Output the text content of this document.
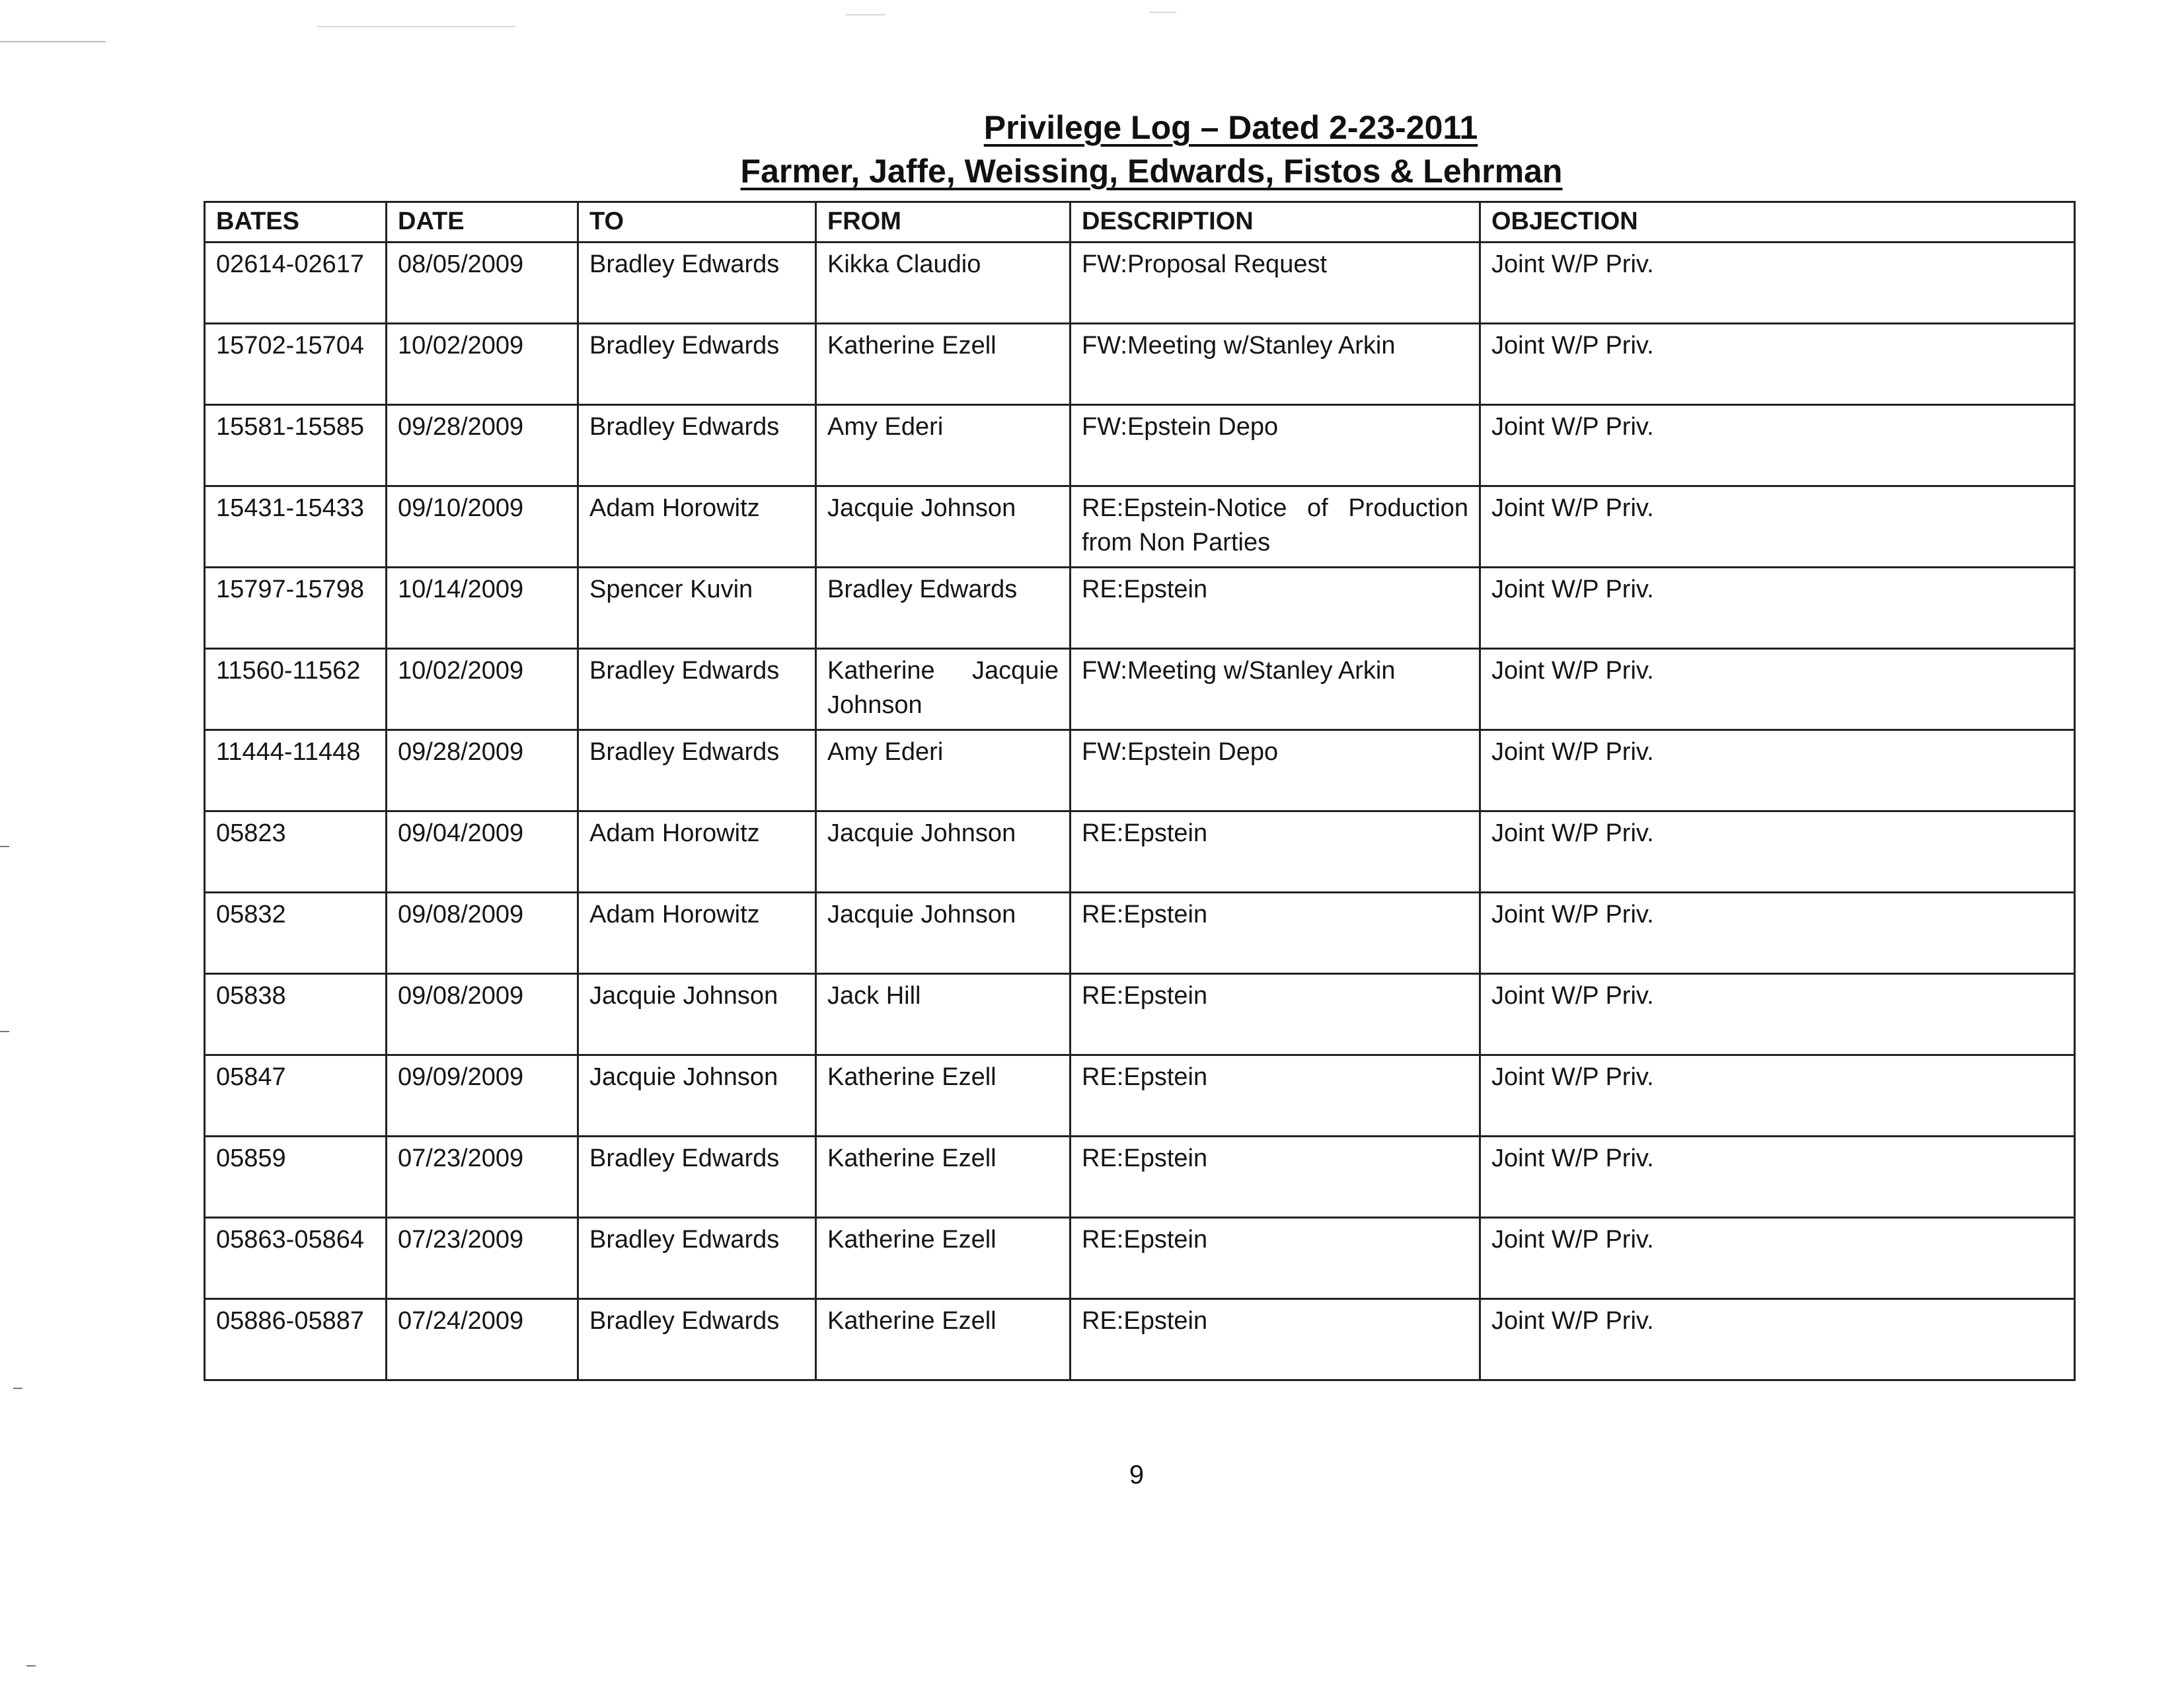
Privilege Log – Dated 2-23-2011
Farmer, Jaffe, Weissing, Edwards, Fistos & Lehrman
BATES	DATE	TO	FROM	DESCRIPTION	OBJECTION
02614-02617	08/05/2009	Bradley Edwards	Kikka Claudio	FW:Proposal Request	Joint W/P Priv.
15702-15704	10/02/2009	Bradley Edwards	Katherine Ezell	FW:Meeting w/Stanley Arkin	Joint W/P Priv.
15581-15585	09/28/2009	Bradley Edwards	Amy Ederi	FW:Epstein Depo	Joint W/P Priv.
15431-15433	09/10/2009	Adam Horowitz	Jacquie Johnson	RE:Epstein-Notice of Production from Non Parties	Joint W/P Priv.
15797-15798	10/14/2009	Spencer Kuvin	Bradley Edwards	RE:Epstein	Joint W/P Priv.
11560-11562	10/02/2009	Bradley Edwards	Katherine Jacquie Johnson	FW:Meeting w/Stanley Arkin	Joint W/P Priv.
11444-11448	09/28/2009	Bradley Edwards	Amy Ederi	FW:Epstein Depo	Joint W/P Priv.
05823	09/04/2009	Adam Horowitz	Jacquie Johnson	RE:Epstein	Joint W/P Priv.
05832	09/08/2009	Adam Horowitz	Jacquie Johnson	RE:Epstein	Joint W/P Priv.
05838	09/08/2009	Jacquie Johnson	Jack Hill	RE:Epstein	Joint W/P Priv.
05847	09/09/2009	Jacquie Johnson	Katherine Ezell	RE:Epstein	Joint W/P Priv.
05859	07/23/2009	Bradley Edwards	Katherine Ezell	RE:Epstein	Joint W/P Priv.
05863-05864	07/23/2009	Bradley Edwards	Katherine Ezell	RE:Epstein	Joint W/P Priv.
05886-05887	07/24/2009	Bradley Edwards	Katherine Ezell	RE:Epstein	Joint W/P Priv.
9
